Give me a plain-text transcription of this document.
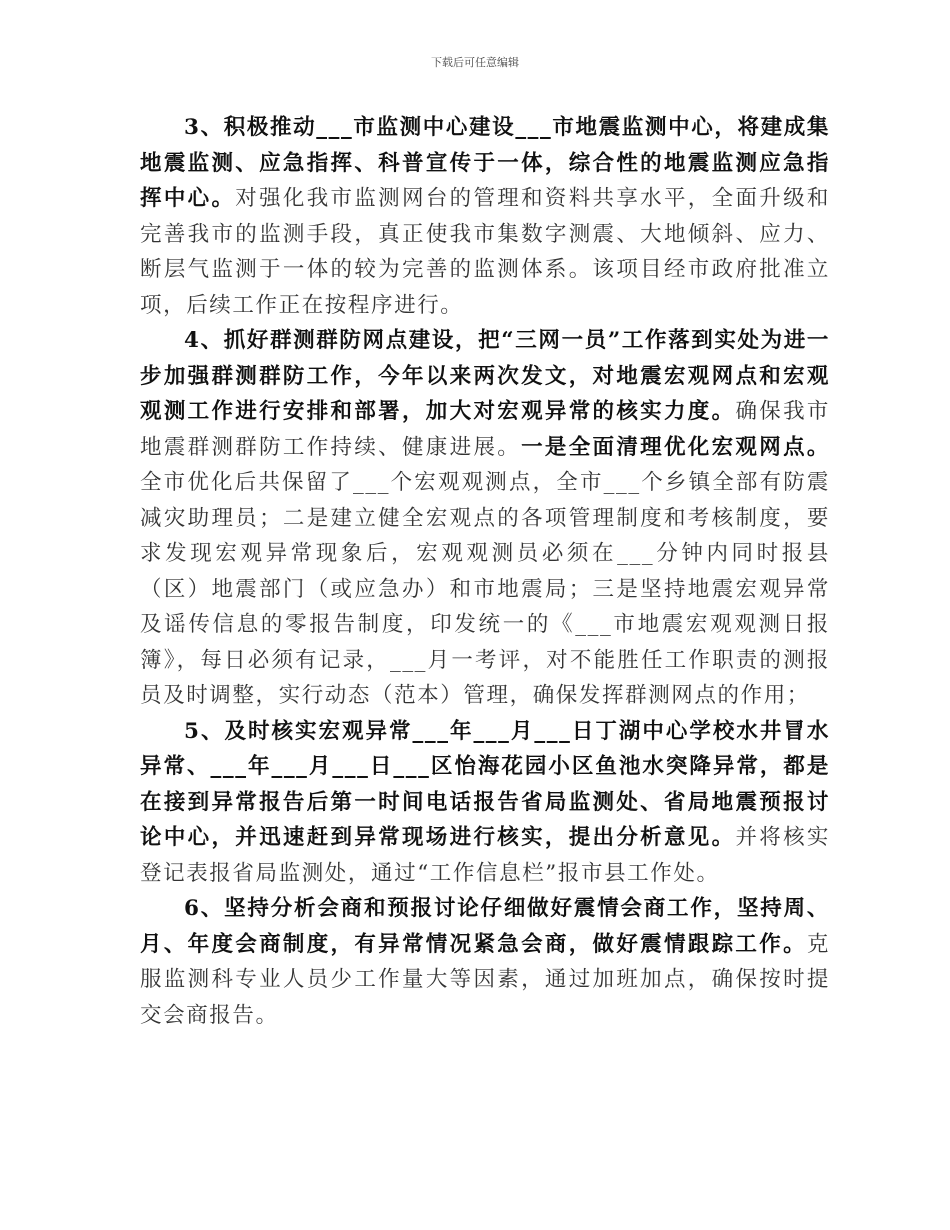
下载后可任意编辑

3、积极推动___市监测中心建设___市地震监测中心，将建成集地震监测、应急指挥、科普宣传于一体，综合性的地震监测应急指挥中心。对强化我市监测网台的管理和资料共享水平，全面升级和完善我市的监测手段，真正使我市集数字测震、大地倾斜、应力、断层气监测于一体的较为完善的监测体系。该项目经市政府批准立项，后续工作正在按程序进行。

4、抓好群测群防网点建设，把“三网一员”工作落到实处为进一步加强群测群防工作，今年以来两次发文，对地震宏观网点和宏观观测工作进行安排和部署，加大对宏观异常的核实力度。确保我市地震群测群防工作持续、健康进展。一是全面清理优化宏观网点。全市优化后共保留了___个宏观观测点，全市___个乡镇全部有防震减灾助理员；二是建立健全宏观点的各项管理制度和考核制度，要求发现宏观异常现象后，宏观观测员必须在___分钟内同时报县（区）地震部门（或应急办）和市地震局；三是坚持地震宏观异常及谣传信息的零报告制度，印发统一的《___市地震宏观观测日报簿》，每日必须有记录，___月一考评，对不能胜任工作职责的测报员及时调整，实行动态（范本）管理，确保发挥群测网点的作用；

5、及时核实宏观异常___年___月___日丁湖中心学校水井冒水异常、___年___月___日___区怡海花园小区鱼池水突降异常，都是在接到异常报告后第一时间电话报告省局监测处、省局地震预报讨论中心，并迅速赶到异常现场进行核实，提出分析意见。并将核实登记表报省局监测处，通过“工作信息栏”报市县工作处。

6、坚持分析会商和预报讨论仔细做好震情会商工作，坚持周、月、年度会商制度，有异常情况紧急会商，做好震情跟踪工作。克服监测科专业人员少工作量大等因素，通过加班加点，确保按时提交会商报告。
